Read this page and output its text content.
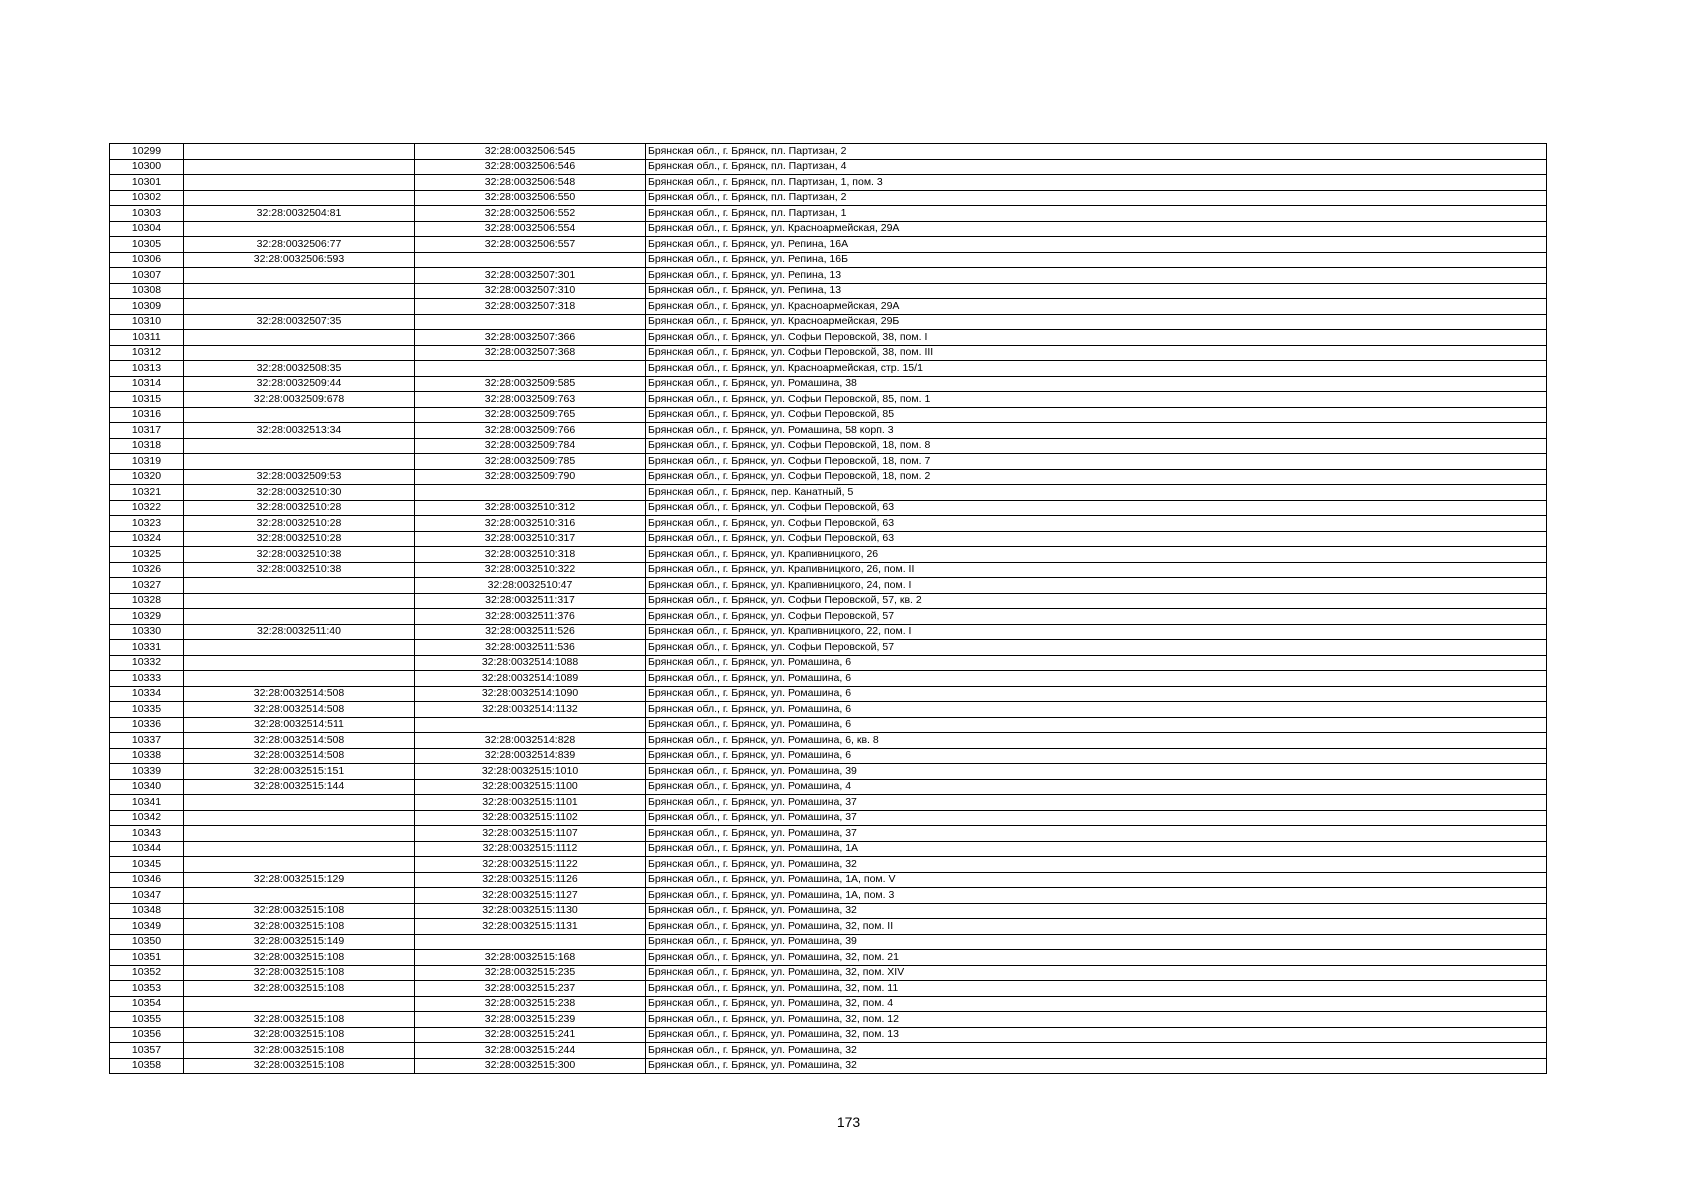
10299		32:28:0032506:545	Брянская обл., г. Брянск, пл. Партизан, 2
10300		32:28:0032506:546	Брянская обл., г. Брянск, пл. Партизан, 4
10301		32:28:0032506:548	Брянская обл., г. Брянск, пл. Партизан, 1, пом. 3
10302		32:28:0032506:550	Брянская обл., г. Брянск, пл. Партизан, 2
10303	32:28:0032504:81	32:28:0032506:552	Брянская обл., г. Брянск, пл. Партизан, 1
10304		32:28:0032506:554	Брянская обл., г. Брянск, ул. Красноармейская, 29А
10305	32:28:0032506:77	32:28:0032506:557	Брянская обл., г. Брянск, ул. Репина, 16А
10306	32:28:0032506:593		Брянская обл., г. Брянск, ул. Репина, 16Б
10307		32:28:0032507:301	Брянская обл., г. Брянск, ул. Репина, 13
10308		32:28:0032507:310	Брянская обл., г. Брянск, ул. Репина, 13
10309		32:28:0032507:318	Брянская обл., г. Брянск, ул. Красноармейская, 29А
10310	32:28:0032507:35		Брянская обл., г. Брянск, ул. Красноармейская, 29Б
10311		32:28:0032507:366	Брянская обл., г. Брянск, ул. Софьи Перовской, 38, пом. I
10312		32:28:0032507:368	Брянская обл., г. Брянск, ул. Софьи Перовской, 38, пом. III
10313	32:28:0032508:35		Брянская обл., г. Брянск, ул. Красноармейская, стр. 15/1
10314	32:28:0032509:44	32:28:0032509:585	Брянская обл., г. Брянск, ул. Ромашина, 38
10315	32:28:0032509:678	32:28:0032509:763	Брянская обл., г. Брянск, ул. Софьи Перовской, 85, пом. 1
10316		32:28:0032509:765	Брянская обл., г. Брянск, ул. Софьи Перовской, 85
10317	32:28:0032513:34	32:28:0032509:766	Брянская обл., г. Брянск, ул. Ромашина, 58 корп. 3
10318		32:28:0032509:784	Брянская обл., г. Брянск, ул. Софьи Перовской, 18, пом. 8
10319		32:28:0032509:785	Брянская обл., г. Брянск, ул. Софьи Перовской, 18, пом. 7
10320	32:28:0032509:53	32:28:0032509:790	Брянская обл., г. Брянск, ул. Софьи Перовской, 18, пом. 2
10321	32:28:0032510:30		Брянская обл., г. Брянск, пер. Канатный, 5
10322	32:28:0032510:28	32:28:0032510:312	Брянская обл., г. Брянск, ул. Софьи Перовской, 63
10323	32:28:0032510:28	32:28:0032510:316	Брянская обл., г. Брянск, ул. Софьи Перовской, 63
10324	32:28:0032510:28	32:28:0032510:317	Брянская обл., г. Брянск, ул. Софьи Перовской, 63
10325	32:28:0032510:38	32:28:0032510:318	Брянская обл., г. Брянск, ул. Крапивницкого, 26
10326	32:28:0032510:38	32:28:0032510:322	Брянская обл., г. Брянск, ул. Крапивницкого, 26, пом. II
10327		32:28:0032510:47	Брянская обл., г. Брянск, ул. Крапивницкого, 24, пом. I
10328		32:28:0032511:317	Брянская обл., г. Брянск, ул. Софьи Перовской, 57, кв. 2
10329		32:28:0032511:376	Брянская обл., г. Брянск, ул. Софьи Перовской, 57
10330	32:28:0032511:40	32:28:0032511:526	Брянская обл., г. Брянск, ул. Крапивницкого, 22, пом. I
10331		32:28:0032511:536	Брянская обл., г. Брянск, ул. Софьи Перовской, 57
10332		32:28:0032514:1088	Брянская обл., г. Брянск, ул. Ромашина, 6
10333		32:28:0032514:1089	Брянская обл., г. Брянск, ул. Ромашина, 6
10334	32:28:0032514:508	32:28:0032514:1090	Брянская обл., г. Брянск, ул. Ромашина, 6
10335	32:28:0032514:508	32:28:0032514:1132	Брянская обл., г. Брянск, ул. Ромашина, 6
10336	32:28:0032514:511		Брянская обл., г. Брянск, ул. Ромашина, 6
10337	32:28:0032514:508	32:28:0032514:828	Брянская обл., г. Брянск, ул. Ромашина, 6, кв. 8
10338	32:28:0032514:508	32:28:0032514:839	Брянская обл., г. Брянск, ул. Ромашина, 6
10339	32:28:0032515:151	32:28:0032515:1010	Брянская обл., г. Брянск, ул. Ромашина, 39
10340	32:28:0032515:144	32:28:0032515:1100	Брянская обл., г. Брянск, ул. Ромашина, 4
10341		32:28:0032515:1101	Брянская обл., г. Брянск, ул. Ромашина, 37
10342		32:28:0032515:1102	Брянская обл., г. Брянск, ул. Ромашина, 37
10343		32:28:0032515:1107	Брянская обл., г. Брянск, ул. Ромашина, 37
10344		32:28:0032515:1112	Брянская обл., г. Брянск, ул. Ромашина, 1А
10345		32:28:0032515:1122	Брянская обл., г. Брянск, ул. Ромашина, 32
10346	32:28:0032515:129	32:28:0032515:1126	Брянская обл., г. Брянск, ул. Ромашина, 1А, пом. V
10347		32:28:0032515:1127	Брянская обл., г. Брянск, ул. Ромашина, 1А, пом. 3
10348	32:28:0032515:108	32:28:0032515:1130	Брянская обл., г. Брянск, ул. Ромашина, 32
10349	32:28:0032515:108	32:28:0032515:1131	Брянская обл., г. Брянск, ул. Ромашина, 32, пом. II
10350	32:28:0032515:149		Брянская обл., г. Брянск, ул. Ромашина, 39
10351	32:28:0032515:108	32:28:0032515:168	Брянская обл., г. Брянск, ул. Ромашина, 32, пом. 21
10352	32:28:0032515:108	32:28:0032515:235	Брянская обл., г. Брянск, ул. Ромашина, 32, пом. XIV
10353	32:28:0032515:108	32:28:0032515:237	Брянская обл., г. Брянск, ул. Ромашина, 32, пом. 11
10354		32:28:0032515:238	Брянская обл., г. Брянск, ул. Ромашина, 32, пом. 4
10355	32:28:0032515:108	32:28:0032515:239	Брянская обл., г. Брянск, ул. Ромашина, 32, пом. 12
10356	32:28:0032515:108	32:28:0032515:241	Брянская обл., г. Брянск, ул. Ромашина, 32, пом. 13
10357	32:28:0032515:108	32:28:0032515:244	Брянская обл., г. Брянск, ул. Ромашина, 32
10358	32:28:0032515:108	32:28:0032515:300	Брянская обл., г. Брянск, ул. Ромашина, 32
173
